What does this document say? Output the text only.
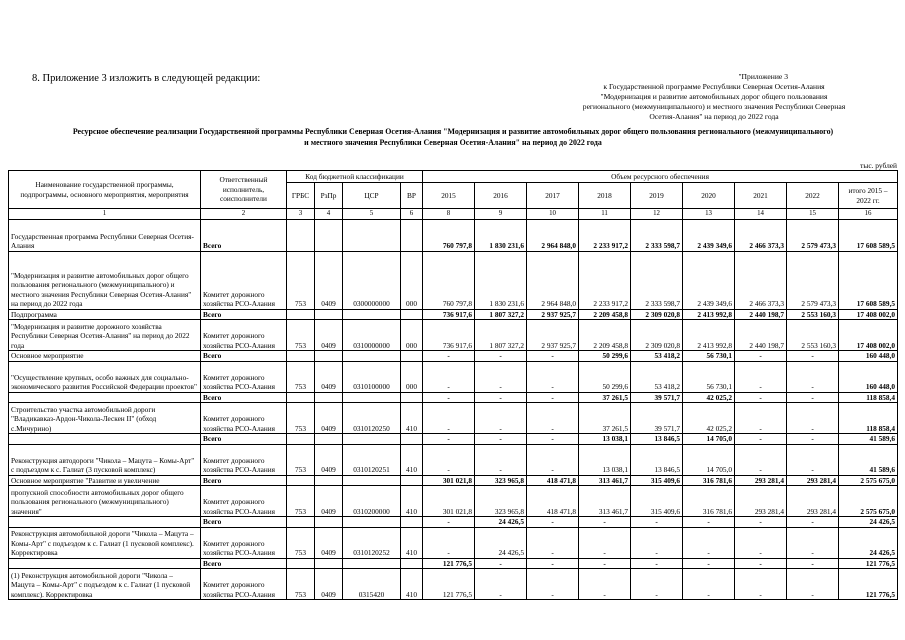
8. Приложение 3 изложить в следующей редакции:	"Приложение 3
к Государственной программе Республики Северная Осетия-Алания
"Модернизация и развитие автомобильных дорог общего пользования
регионального (межмуниципального) и местного значения Республики Северная
Осетия-Алания" на период до 2022 года
Ресурсное обеспечение реализации Государственной программы Республики Северная Осетия-Алания "Модернизация и развитие автомобильных дорог общего пользования регионального (межмуниципального)
и местного значения Республики Северная Осетия-Алания" на период до 2022 года
тыс. рублей
Наименование государственной программы, подпрограммы, основного мероприятия, мероприятия	Ответственный исполнитель, соисполнители	Код бюджетной классификации				Объем ресурсного обеспечения								
		ГРБС	РзПр	ЦСР	ВР	2015	2016	2017	2018	2019	2020	2021	2022	итого 2015 – 2022 гг.
1	2	3	4	5	6	8	9	10	11	12	13	14	15	16
Государственная программа Республики Северная Осетия-Алания	Всего					760 797,8	1 830 231,6	2 964 848,0	2 233 917,2	2 333 598,7	2 439 349,6	2 466 373,3	2 579 473,3	17 608 589,5
"Модернизация и развитие автомобильных дорог общего пользования регионального (межмуниципального) и местного значения Республики Северная Осетия-Алания" на период до 2022 года	Комитет дорожного хозяйства РСО-Алания	753	0409	0300000000	000	760 797,8	1 830 231,6	2 964 848,0	2 233 917,2	2 333 598,7	2 439 349,6	2 466 373,3	2 579 473,3	17 608 589,5
Подпрограмма	Всего					736 917,6	1 807 327,2	2 937 925,7	2 209 458,8	2 309 020,8	2 413 992,8	2 440 198,7	2 553 160,3	17 408 002,0
"Модернизация и развитие дорожного хозяйства Республики Северная Осетия-Алания" на период до 2022 года	Комитет дорожного хозяйства РСО-Алания	753	0409	0310000000	000	736 917,6	1 807 327,2	2 937 925,7	2 209 458,8	2 309 020,8	2 413 992,8	2 440 198,7	2 553 160,3	17 408 002,0
Основное мероприятие	Всего					-	-	-	50 299,6	53 418,2	56 730,1	-	-	160 448,0
"Осуществление крупных, особо важных для социально-экономического развития Российской Федерации проектов"	Комитет дорожного хозяйства РСО-Алания	753	0409	0310100000	000	-	-	-	50 299,6	53 418,2	56 730,1	-	-	160 448,0
	Всего					-	-	-	37 261,5	39 571,7	42 025,2	-	-	118 858,4
Строительство участка автомобильной дороги "Владикавказ-Ардон-Чикола-Лескен II" (обход с.Мичурино)	Комитет дорожного хозяйства РСО-Алания	753	0409	0310120250	410	-	-	-	37 261,5	39 571,7	42 025,2	-	-	118 858,4
	Всего					-	-	-	13 038,1	13 846,5	14 705,0	-	-	41 589,6
Реконструкция автодороги "Чикола – Мацута – Комы-Арт" с подъездом к с. Галиат (3 пусковой комплекс)	Комитет дорожного хозяйства РСО-Алания	753	0409	0310120251	410	-	-	-	13 038,1	13 846,5	14 705,0	-	-	41 589,6
Основное мероприятие "Развитие и увеличение	Всего					301 021,8	323 965,8	418 471,8	313 461,7	315 409,6	316 781,6	293 281,4	293 281,4	2 575 675,0
пропускной способности автомобильных дорог общего пользования регионального (межмуниципального) значения"	Комитет дорожного хозяйства РСО-Алания	753	0409	0310200000	410	301 021,8	323 965,8	418 471,8	313 461,7	315 409,6	316 781,6	293 281,4	293 281,4	2 575 675,0
	Всего					-	24 426,5	-	-	-	-	-	-	24 426,5
Реконструкция автомобильной дороги "Чикола – Мацута – Комы-Арт" с подъездом к с. Галиат (1 пусковой комплекс). Корректировка	Комитет дорожного хозяйства РСО-Алания	753	0409	0310120252	410	-	24 426,5	-	-	-	-	-	-	24 426,5
	Всего					121 776,5	-	-	-	-	-	-	-	121 776,5
(1) Реконструкция автомобильной дороги "Чикола – Мацута – Комы-Арт" с подъездом к с. Галиат (1 пусковой комплекс). Корректировка	Комитет дорожного хозяйства РСО-Алания	753	0409	0315420	410	121 776,5	-	-	-	-	-	-	-	121 776,5
